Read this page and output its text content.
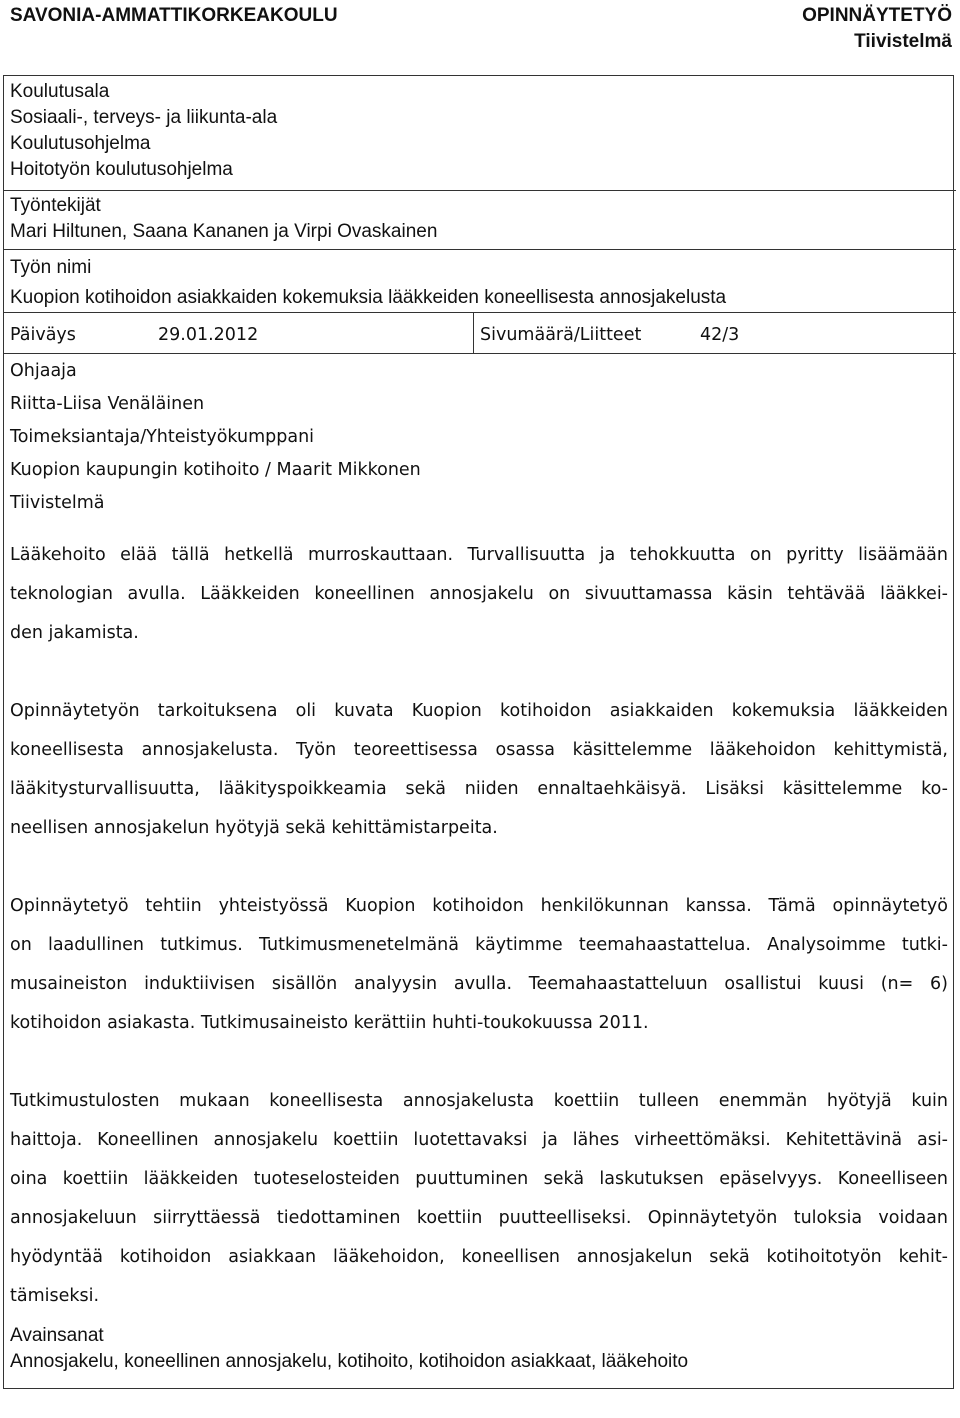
SAVONIA-AMMATTIKORKEAKOULU	OPINNÄYTETYÖ
Tiivistelmä
Koulutusala
Sosiaali-, terveys- ja liikunta-ala
Koulutusohjelma
Hoitotyön koulutusohjelma
Työntekijät
Mari Hiltunen, Saana Kananen ja Virpi Ovaskainen
Työn nimi
Kuopion kotihoidon asiakkaiden kokemuksia lääkkeiden koneellisesta annosjakelusta
Päiväys	29.01.2012	Sivumäärä/Liitteet	42/3
Ohjaaja
Riitta-Liisa Venäläinen
Toimeksiantaja/Yhteistyökumppani
Kuopion kaupungin kotihoito / Maarit Mikkonen
Tiivistelmä
Lääkehoito elää tällä hetkellä murroskauttaan. Turvallisuutta ja tehokkuutta on pyritty lisäämään
teknologian avulla. Lääkkeiden koneellinen annosjakelu on sivuuttamassa käsin tehtävää lääkkei-
den jakamista.
Opinnäytetyön tarkoituksena oli kuvata Kuopion kotihoidon asiakkaiden kokemuksia lääkkeiden
koneellisesta annosjakelusta. Työn teoreettisessa osassa käsittelemme lääkehoidon kehittymistä,
lääkitysturvallisuutta, lääkityspoikkeamia sekä niiden ennaltaehkäisyä. Lisäksi käsittelemme ko-
neellisen annosjakelun hyötyjä sekä kehittämistarpeita.
Opinnäytetyö tehtiin yhteistyössä Kuopion kotihoidon henkilökunnan kanssa. Tämä opinnäytetyö
on laadullinen tutkimus. Tutkimusmenetelmänä käytimme teemahaastattelua. Analysoimme tutki-
musaineiston induktiivisen sisällön analyysin avulla. Teemahaastatteluun osallistui kuusi (n= 6)
kotihoidon asiakasta. Tutkimusaineisto kerättiin huhti-toukokuussa 2011.
Tutkimustulosten mukaan koneellisesta annosjakelusta koettiin tulleen enemmän hyötyjä kuin
haittoja. Koneellinen annosjakelu koettiin luotettavaksi ja lähes virheettömäksi. Kehitettävinä asi-
oina koettiin lääkkeiden tuoteselosteiden puuttuminen sekä laskutuksen epäselvyys. Koneelliseen
annosjakeluun siirryttäessä tiedottaminen koettiin puutteelliseksi. Opinnäytetyön tuloksia voidaan
hyödyntää kotihoidon asiakkaan lääkehoidon, koneellisen annosjakelun sekä kotihoitotyön kehit-
tämiseksi.
Avainsanat
Annosjakelu, koneellinen annosjakelu, kotihoito, kotihoidon asiakkaat, lääkehoito
